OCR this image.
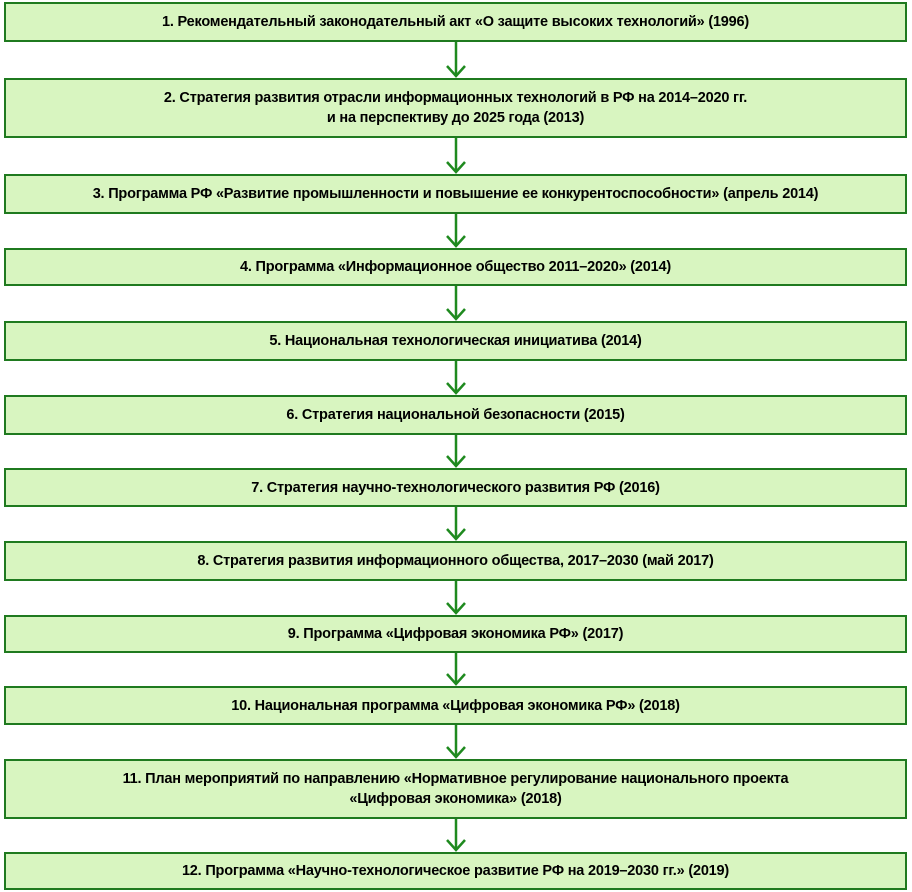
1. Рекомендательный законодательный акт «О защите высоких технологий» (1996)
2. Стратегия развития отрасли информационных технологий в РФ на 2014–2020 гг.
и на перспективу до 2025 года (2013)
3. Программа РФ «Развитие промышленности и повышение ее конкурентоспособности» (апрель 2014)
4. Программа «Информационное общество 2011–2020» (2014)
5. Национальная технологическая инициатива (2014)
6. Стратегия национальной безопасности (2015)
7. Стратегия научно-технологического развития РФ (2016)
8. Стратегия развития информационного общества, 2017–2030 (май 2017)
9. Программа «Цифровая экономика РФ» (2017)
10. Национальная программа «Цифровая экономика РФ» (2018)
11. План мероприятий по направлению «Нормативное регулирование национального проекта
«Цифровая экономика» (2018)
12. Программа «Научно-технологическое развитие РФ на 2019–2030 гг.» (2019)
